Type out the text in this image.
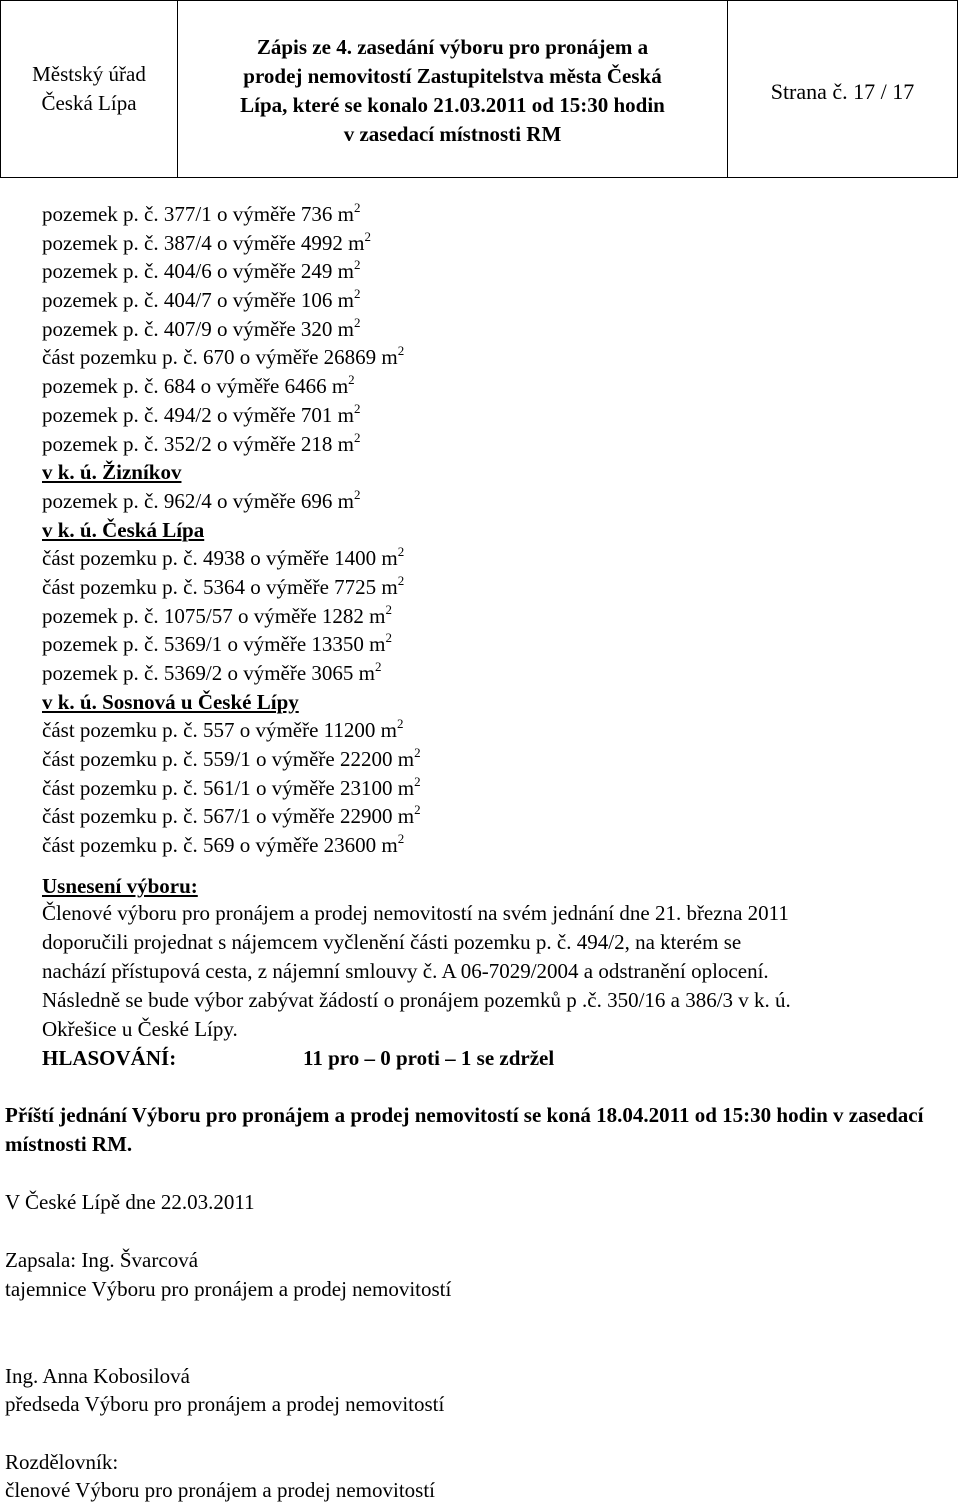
Městský úřad
Česká Lípa
Zápis ze 4. zasedání výboru pro pronájem a
prodej nemovitostí Zastupitelstva města Česká
Lípa, které se konalo 21.03.2011 od 15:30 hodin
v zasedací místnosti RM
Strana č. 17 / 17
pozemek p. č. 377/1 o výměře 736 $m^2$
pozemek p. č. 387/4 o výměře 4992 $m^2$
pozemek p. č. 404/6 o výměře 249 $m^2$
pozemek p. č. 404/7 o výměře 106 $m^2$
pozemek p. č. 407/9 o výměře 320 $m^2$
část pozemku p. č. 670 o výměře 26869 $m^2$
pozemek p. č. 684 o výměře 6466 $m^2$
pozemek p. č. 494/2 o výměře 701 $m^2$
pozemek p. č. 352/2 o výměře 218 $m^2$
v k. ú. Žizníkov
pozemek p. č. 962/4 o výměře 696 $m^2$
v k. ú. Česká Lípa
část pozemku p. č. 4938 o výměře 1400 $m^2$
část pozemku p. č. 5364 o výměře 7725 $m^2$
pozemek p. č. 1075/57 o výměře 1282 $m^2$
pozemek p. č. 5369/1 o výměře 13350 $m^2$
pozemek p. č. 5369/2 o výměře 3065 $m^2$
v k. ú. Sosnová u České Lípy
část pozemku p. č. 557 o výměře 11200 $m^2$
část pozemku p. č. 559/1 o výměře 22200 $m^2$
část pozemku p. č. 561/1 o výměře 23100 $m^2$
část pozemku p. č. 567/1 o výměře 22900 $m^2$
část pozemku p. č. 569 o výměře 23600 $m^2$
Usnesení výboru:
Členové výboru pro pronájem a prodej nemovitostí na svém jednání dne 21. března 2011
doporučili projednat s nájemcem vyčlenění části pozemku p. č. 494/2, na kterém se
nachází přístupová cesta, z nájemní smlouvy č. A 06-7029/2004 a odstranění oplocení.
Následně se bude výbor zabývat žádostí o pronájem pozemků p .č. 350/16 a 386/3 v k. ú.
Okřešice u České Lípy.
HLASOVÁNÍ:	11 pro – 0 proti – 1 se zdržel
Příští jednání Výboru pro pronájem a prodej nemovitostí se koná 18.04.2011 od 15:30 hodin v zasedací místnosti RM.
V České Lípě dne 22.03.2011
Zapsala: Ing. Švarcová
tajemnice Výboru pro pronájem a prodej nemovitostí
Ing. Anna Kobosilová
předseda Výboru pro pronájem a prodej nemovitostí
Rozdělovník:
členové Výboru pro pronájem a prodej nemovitostí
